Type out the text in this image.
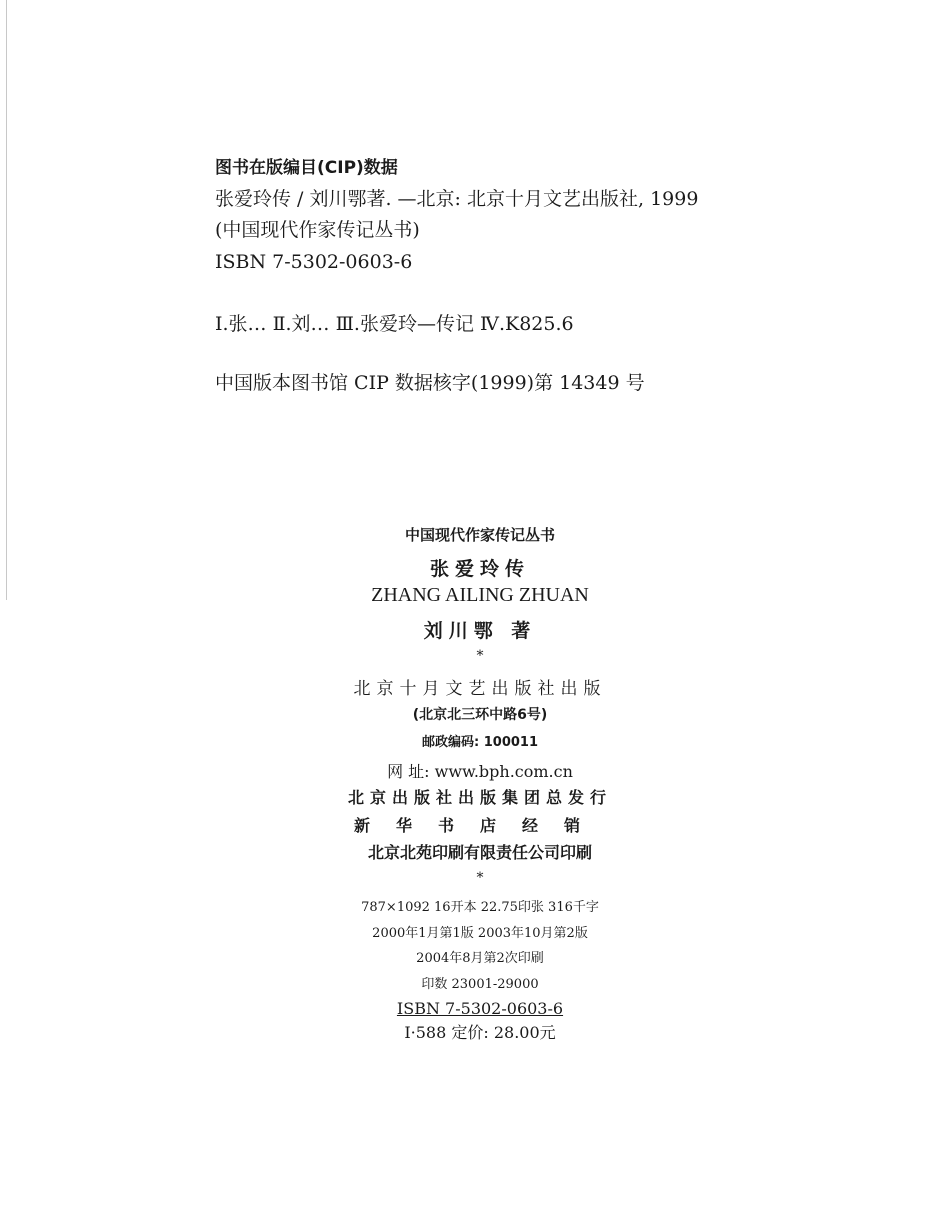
图书在版编目(CIP)数据
张爱玲传 / 刘川鄂著. —北京: 北京十月文艺出版社, 1999
(中国现代作家传记丛书)
ISBN 7-5302-0603-6
Ⅰ.张… Ⅱ.刘… Ⅲ.张爱玲—传记 Ⅳ.K825.6
中国版本图书馆 CIP 数据核字(1999)第 14349 号
中国现代作家传记丛书
张爱玲传
ZHANG AILING ZHUAN
刘川鄂 著
*
北京十月文艺出版社出版
(北京北三环中路6号)
邮政编码: 100011
网 址: www.bph.com.cn
北京出版社出版集团总发行
新华书店经销
北京北苑印刷有限责任公司印刷
*
787×1092 16开本 22.75印张 316千字
2000年1月第1版 2003年10月第2版
2004年8月第2次印刷
印数 23001-29000
ISBN 7-5302-0603-6
I·588 定价: 28.00元
